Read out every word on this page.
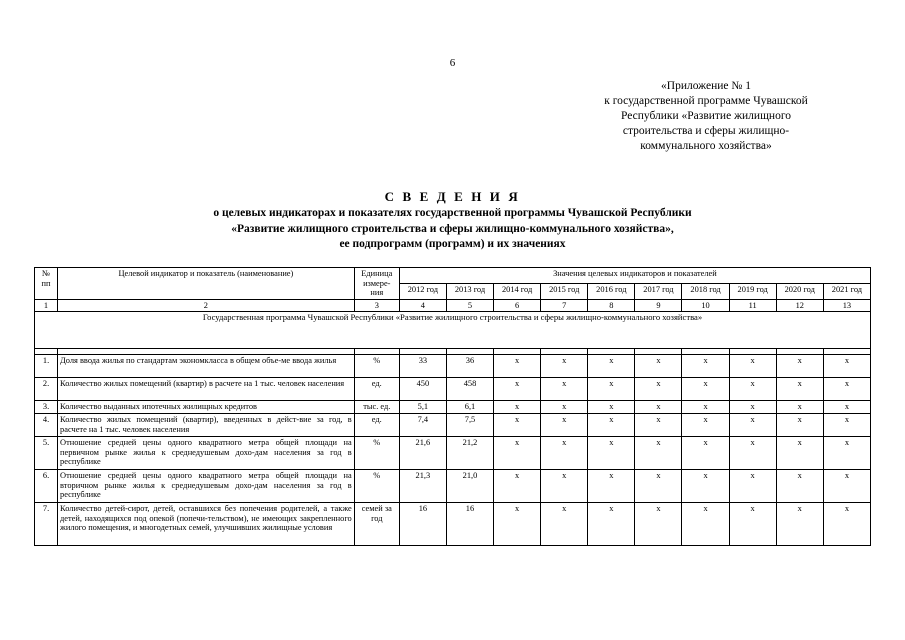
6
«Приложение № 1
к государственной программе Чувашской
Республики «Развитие жилищного
строительства и сферы жилищно-
коммунального хозяйства»
С В Е Д Е Н И Я
о целевых индикаторах и показателях государственной программы Чувашской Республики
«Развитие жилищного строительства и сферы жилищно-коммунального хозяйства»,
ее подпрограмм (программ) и их значениях
№ пп	Целевой индикатор и показатель (наименование)	Единица измере-ния	Значения целевых индикаторов и показателей									
			2012 год	2013 год	2014 год	2015 год	2016 год	2017 год	2018 год	2019 год	2020 год	2021 год
1	2	3	4	5	6	7	8	9	10	11	12	13
Государственная программа Чувашской Республики «Развитие жилищного строительства и сферы жилищно-коммунального хозяйства»												

1.	Доля ввода жилья по стандартам экономкласса в общем объе-ме ввода жилья	%	33	36	x	x	x	x	x	x	x	x
2.	Количество жилых помещений (квартир) в расчете на 1 тыс. человек населения	ед.	450	458	x	x	x	x	x	x	x	x
3.	Количество выданных ипотечных жилищных кредитов	тыс. ед.	5,1	6,1	x	x	x	x	x	x	x	x
4.	Количество жилых помещений (квартир), введенных в дейст-вие за год, в расчете на 1 тыс. человек населения	ед.	7,4	7,5	x	x	x	x	x	x	x	x
5.	Отношение средней цены одного квадратного метра общей площади на первичном рынке жилья к среднедушевым дохо-дам населения за год в республике	%	21,6	21,2	x	x	x	x	x	x	x	x
6.	Отношение средней цены одного квадратного метра общей площади на вторичном рынке жилья к среднедушевым дохо-дам населения за год в республике	%	21,3	21,0	x	x	x	x	x	x	x	x
7.	Количество детей-сирот, детей, оставшихся без попечения родителей, а также детей, находящихся под опекой (попечи-тельством), не имеющих закрепленного жилого помещения, и многодетных семей, улучшивших жилищные условия	семей за год	16	16	x	x	x	x	x	x	x	x
